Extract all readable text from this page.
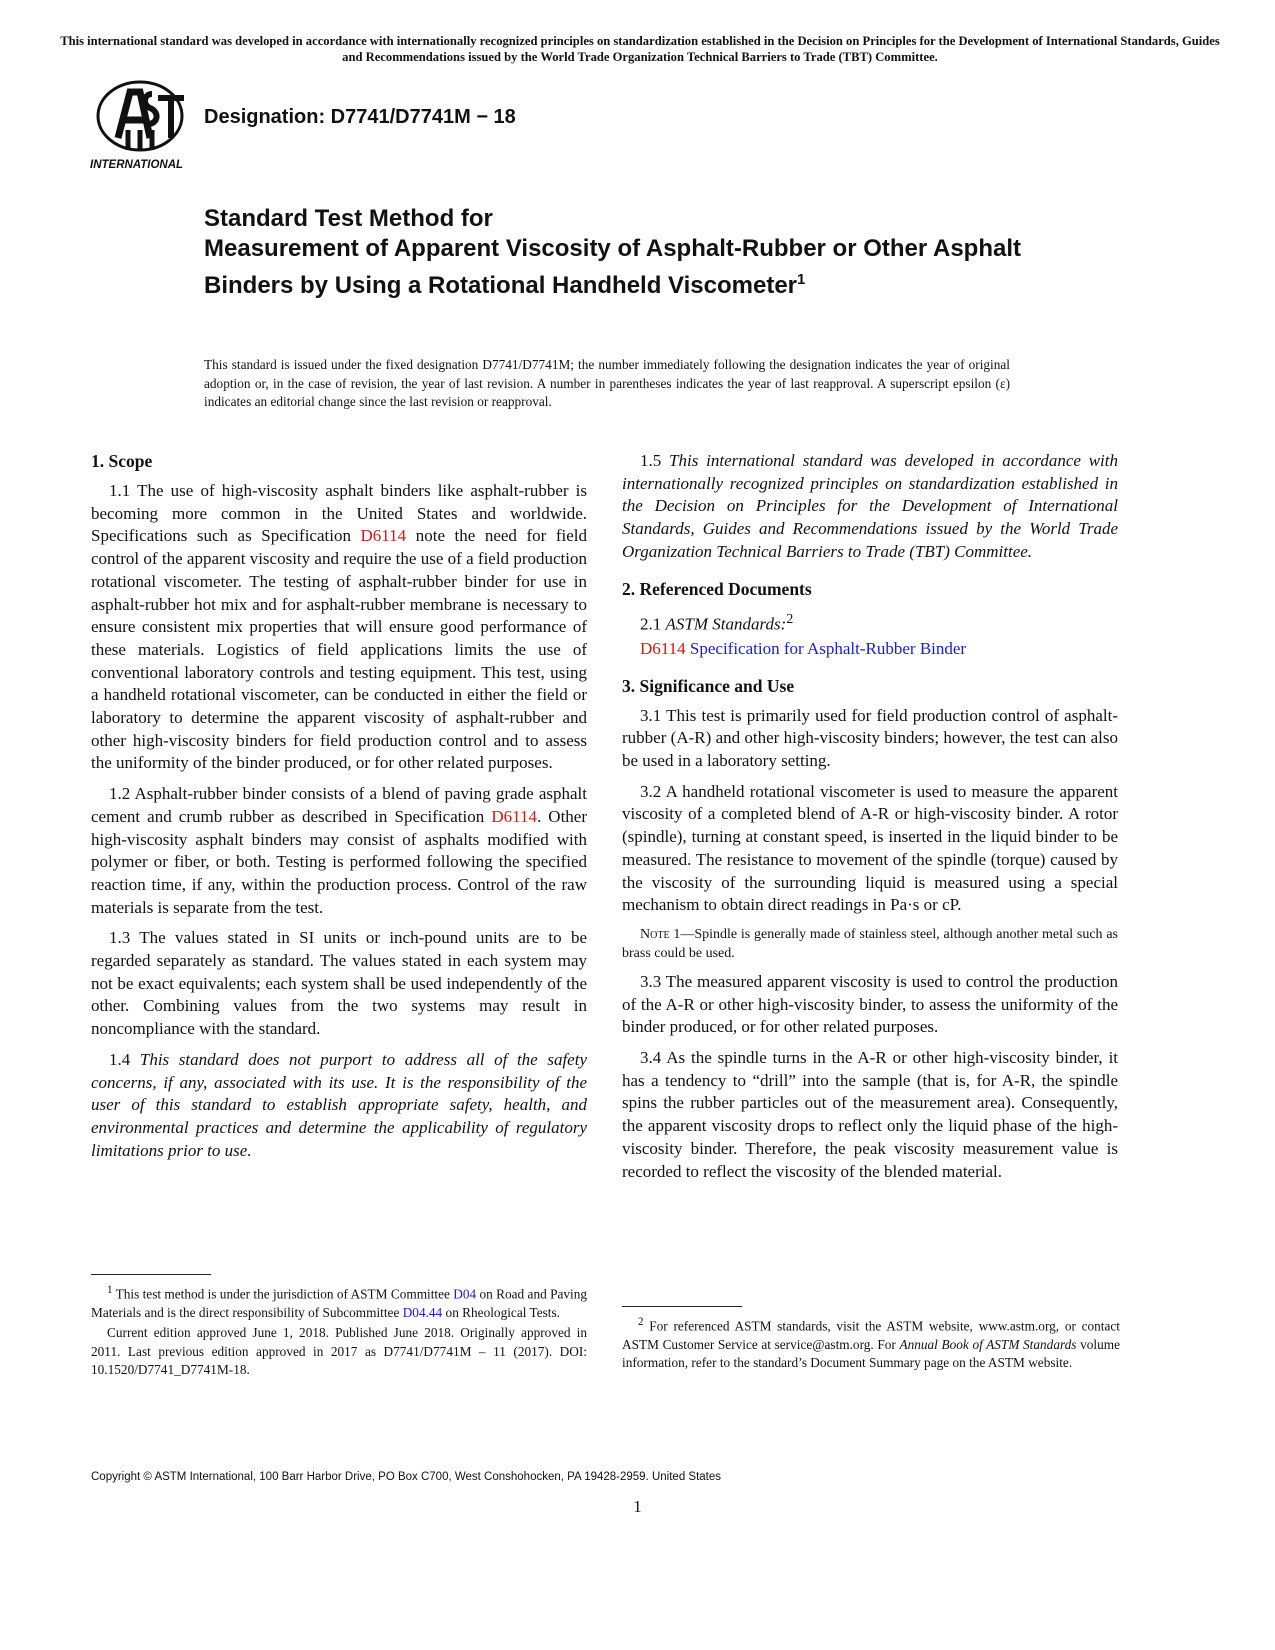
This international standard was developed in accordance with internationally recognized principles on standardization established in the Decision on Principles for the Development of International Standards, Guides and Recommendations issued by the World Trade Organization Technical Barriers to Trade (TBT) Committee.
INTERNATIONAL
Designation: D7741/D7741M − 18
Standard Test Method for
Measurement of Apparent Viscosity of Asphalt-Rubber or Other Asphalt Binders by Using a Rotational Handheld Viscometer$^1$
This standard is issued under the fixed designation D7741/D7741M; the number immediately following the designation indicates the year of original adoption or, in the case of revision, the year of last revision. A number in parentheses indicates the year of last reapproval. A superscript epsilon (ε) indicates an editorial change since the last revision or reapproval.
1. Scope

1.1 The use of high-viscosity asphalt binders like asphalt-rubber is becoming more common in the United States and worldwide. Specifications such as Specification D6114 note the need for field control of the apparent viscosity and require the use of a field production rotational viscometer. The testing of asphalt-rubber binder for use in asphalt-rubber hot mix and for asphalt-rubber membrane is necessary to ensure consistent mix properties that will ensure good performance of these materials. Logistics of field applications limits the use of conventional laboratory controls and testing equipment. This test, using a handheld rotational viscometer, can be conducted in either the field or laboratory to determine the apparent viscosity of asphalt-rubber and other high-viscosity binders for field production control and to assess the uniformity of the binder produced, or for other related purposes.

1.2 Asphalt-rubber binder consists of a blend of paving grade asphalt cement and crumb rubber as described in Specification D6114. Other high-viscosity asphalt binders may consist of asphalts modified with polymer or fiber, or both. Testing is performed following the specified reaction time, if any, within the production process. Control of the raw materials is separate from the test.

1.3 The values stated in SI units or inch-pound units are to be regarded separately as standard. The values stated in each system may not be exact equivalents; each system shall be used independently of the other. Combining values from the two systems may result in noncompliance with the standard.

1.4 This standard does not purport to address all of the safety concerns, if any, associated with its use. It is the responsibility of the user of this standard to establish appropriate safety, health, and environmental practices and determine the applicability of regulatory limitations prior to use.

$^1$ This test method is under the jurisdiction of ASTM Committee D04 on Road and Paving Materials and is the direct responsibility of Subcommittee D04.44 on Rheological Tests.

Current edition approved June 1, 2018. Published June 2018. Originally approved in 2011. Last previous edition approved in 2017 as D7741/D7741M – 11 (2017). DOI: 10.1520/D7741_D7741M-18.

1.5 This international standard was developed in accordance with internationally recognized principles on standardization established in the Decision on Principles for the Development of International Standards, Guides and Recommendations issued by the World Trade Organization Technical Barriers to Trade (TBT) Committee.

2. Referenced Documents

2.1 ASTM Standards:$^2$

D6114 Specification for Asphalt-Rubber Binder
3. Significance and Use

3.1 This test is primarily used for field production control of asphalt-rubber (A-R) and other high-viscosity binders; however, the test can also be used in a laboratory setting.

3.2 A handheld rotational viscometer is used to measure the apparent viscosity of a completed blend of A-R or high-viscosity binder. A rotor (spindle), turning at constant speed, is inserted in the liquid binder to be measured. The resistance to movement of the spindle (torque) caused by the viscosity of the surrounding liquid is measured using a special mechanism to obtain direct readings in Pa·s or cP.

Note 1—Spindle is generally made of stainless steel, although another metal such as brass could be used.

3.3 The measured apparent viscosity is used to control the production of the A-R or other high-viscosity binder, to assess the uniformity of the binder produced, or for other related purposes.

3.4 As the spindle turns in the A-R or other high-viscosity binder, it has a tendency to “drill” into the sample (that is, for A-R, the spindle spins the rubber particles out of the measurement area). Consequently, the apparent viscosity drops to reflect only the liquid phase of the high-viscosity binder. Therefore, the peak viscosity measurement value is recorded to reflect the viscosity of the blended material.

$^2$ For referenced ASTM standards, visit the ASTM website, www.astm.org, or contact ASTM Customer Service at service@astm.org. For Annual Book of ASTM Standards volume information, refer to the standard’s Document Summary page on the ASTM website.

Copyright © ASTM International, 100 Barr Harbor Drive, PO Box C700, West Conshohocken, PA 19428-2959. United States
1
